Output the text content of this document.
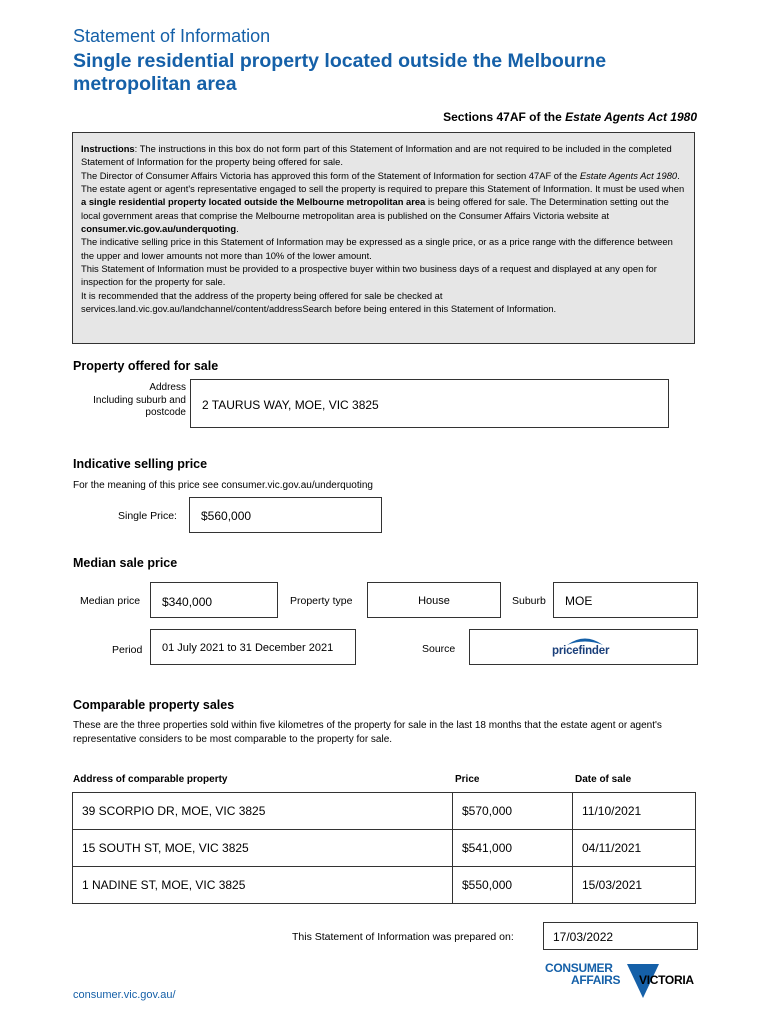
Statement of Information
Single residential property located outside the Melbourne metropolitan area
Sections 47AF of the Estate Agents Act 1980

Instructions: The instructions in this box do not form part of this Statement of Information and are not required to be included in the completed Statement of Information for the property being offered for sale.

The Director of Consumer Affairs Victoria has approved this form of the Statement of Information for section 47AF of the Estate Agents Act 1980.

The estate agent or agent's representative engaged to sell the property is required to prepare this Statement of Information. It must be used when a single residential property located outside the Melbourne metropolitan area is being offered for sale. The Determination setting out the local government areas that comprise the Melbourne metropolitan area is published on the Consumer Affairs Victoria website at consumer.vic.gov.au/underquoting.

The indicative selling price in this Statement of Information may be expressed as a single price, or as a price range with the difference between the upper and lower amounts not more than 10% of the lower amount.

This Statement of Information must be provided to a prospective buyer within two business days of a request and displayed at any open for inspection for the property for sale.

It is recommended that the address of the property being offered for sale be checked at services.land.vic.gov.au/landchannel/content/addressSearch before being entered in this Statement of Information.

Property offered for sale
Address
Including suburb and
postcode
2 TAURUS WAY, MOE, VIC 3825
Indicative selling price
For the meaning of this price see consumer.vic.gov.au/underquoting
Single Price: $560,000
Median sale price
Median price $340,000	Property type	House	Suburb MOE
Period 01 July 2021 to 31 December 2021	Source	pricefinder
Comparable property sales
These are the three properties sold within five kilometres of the property for sale in the last 18 months that the estate agent or agent's representative considers to be most comparable to the property for sale.
Address of comparable property	Price	Date of sale
39 SCORPIO DR, MOE, VIC 3825	$570,000	11/10/2021
15 SOUTH ST, MOE, VIC 3825	$541,000	04/11/2021
1 NADINE ST, MOE, VIC 3825	$550,000	15/03/2021
This Statement of Information was prepared on:	17/03/2022
CONSUMER
AFFAIRS VICTORIA
consumer.vic.gov.au/
